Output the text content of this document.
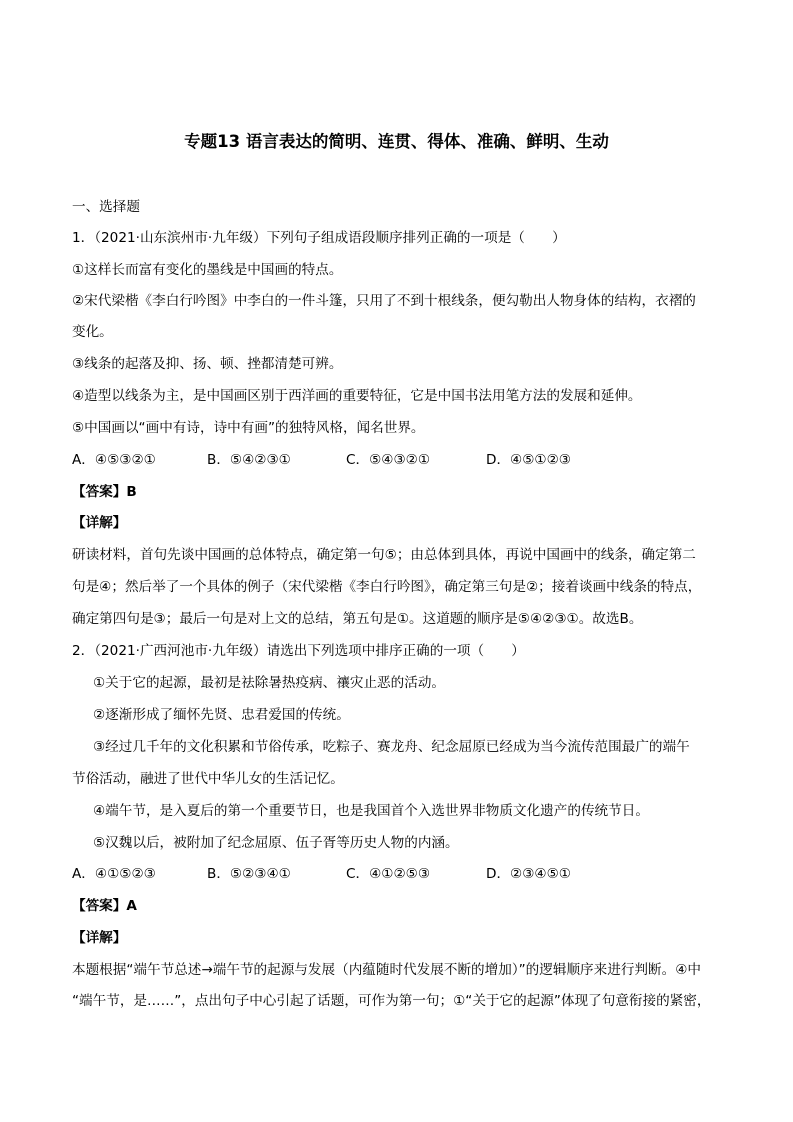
专题13 语言表达的简明、连贯、得体、准确、鲜明、生动
一、选择题
1．（2021·山东滨州市·九年级）下列句子组成语段顺序排列正确的一项是（　　）
①这样长而富有变化的墨线是中国画的特点。
②宋代梁楷《李白行吟图》中李白的一件斗篷，只用了不到十根线条，便勾勒出人物身体的结构，衣褶的
变化。
③线条的起落及抑、扬、顿、挫都清楚可辨。
④造型以线条为主，是中国画区别于西洋画的重要特征，它是中国书法用笔方法的发展和延伸。
⑤中国画以“画中有诗，诗中有画”的独特风格，闻名世界。
A．④⑤③②①	B．⑤④②③①	C．⑤④③②①	D．④⑤①②③
【答案】B
【详解】
研读材料，首句先谈中国画的总体特点，确定第一句⑤；由总体到具体，再说中国画中的线条，确定第二
句是④；然后举了一个具体的例子（宋代梁楷《李白行吟图》，确定第三句是②；接着谈画中线条的特点，
确定第四句是③；最后一句是对上文的总结，第五句是①。这道题的顺序是⑤④②③①。故选B。
2．（2021·广西河池市·九年级）请选出下列选项中排序正确的一项（　　）
①关于它的起源，最初是祛除暑热疫病、禳灾止恶的活动。
②逐渐形成了缅怀先贤、忠君爱国的传统。
③经过几千年的文化积累和节俗传承，吃粽子、赛龙舟、纪念屈原已经成为当今流传范围最广的端午
节俗活动，融进了世代中华儿女的生活记忆。
④端午节，是入夏后的第一个重要节日，也是我国首个入选世界非物质文化遗产的传统节日。
⑤汉魏以后，被附加了纪念屈原、伍子胥等历史人物的内涵。
A．④①⑤②③	B．⑤②③④①	C．④①②⑤③	D．②③④⑤①
【答案】A
【详解】
本题根据“端午节总述→端午节的起源与发展（内蕴随时代发展不断的增加）”的逻辑顺序来进行判断。④中
“端午节，是……”，点出句子中心引起了话题，可作为第一句；①“关于它的起源”体现了句意衔接的紧密，
